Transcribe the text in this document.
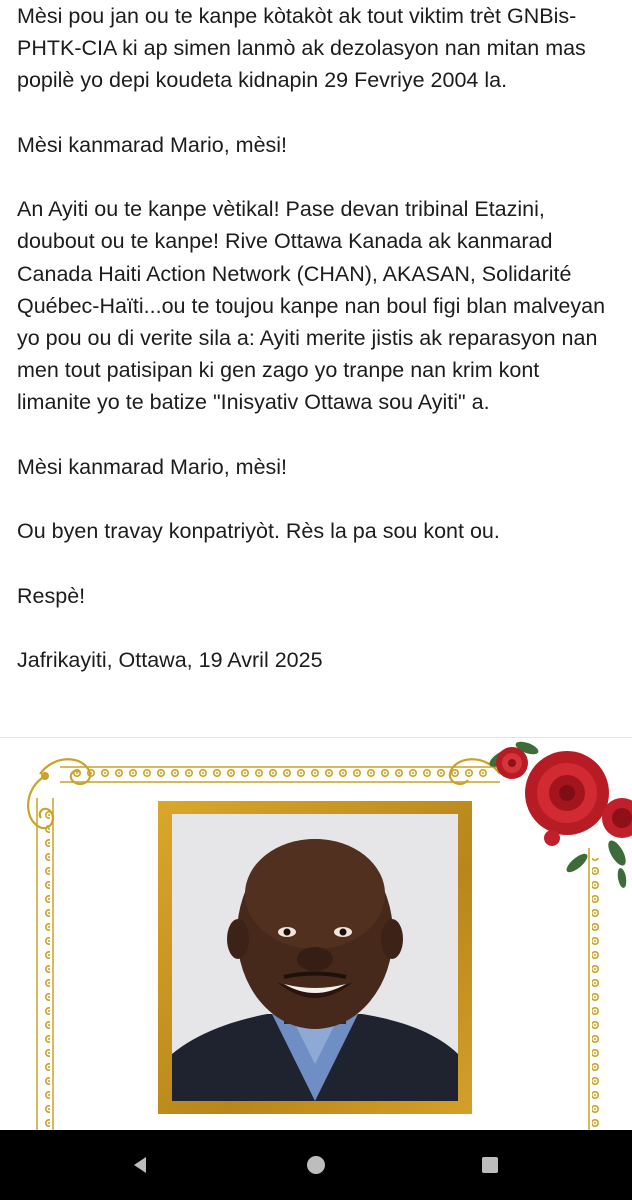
Mèsi pou jan ou te kanpe kòtakòt ak tout viktim trèt GNBis-PHTK-CIA ki ap simen lanmò ak dezolasyon nan mitan mas popilè yo depi koudeta kidnapin 29 Fevriye 2004 la.

Mèsi kanmarad Mario, mèsi!

An Ayiti ou te kanpe vètikal! Pase devan tribinal Etazini, doubout ou te kanpe! Rive Ottawa Kanada ak kanmarad Canada Haiti Action Network (CHAN), AKASAN, Solidarité Québec-Haïti...ou te toujou kanpe nan boul figi blan malveyan yo pou ou di verite sila a: Ayiti merite jistis ak reparasyon nan men tout patisipan ki gen zago yo tranpe nan krim kont limanite yo te batize "Inisyativ Ottawa sou Ayiti" a.

Mèsi kanmarad Mario, mèsi!

Ou byen travay konpatriyòt. Rès la pa sou kont ou.

Respè!

Jafrikayiti, Ottawa, 19 Avril 2025
